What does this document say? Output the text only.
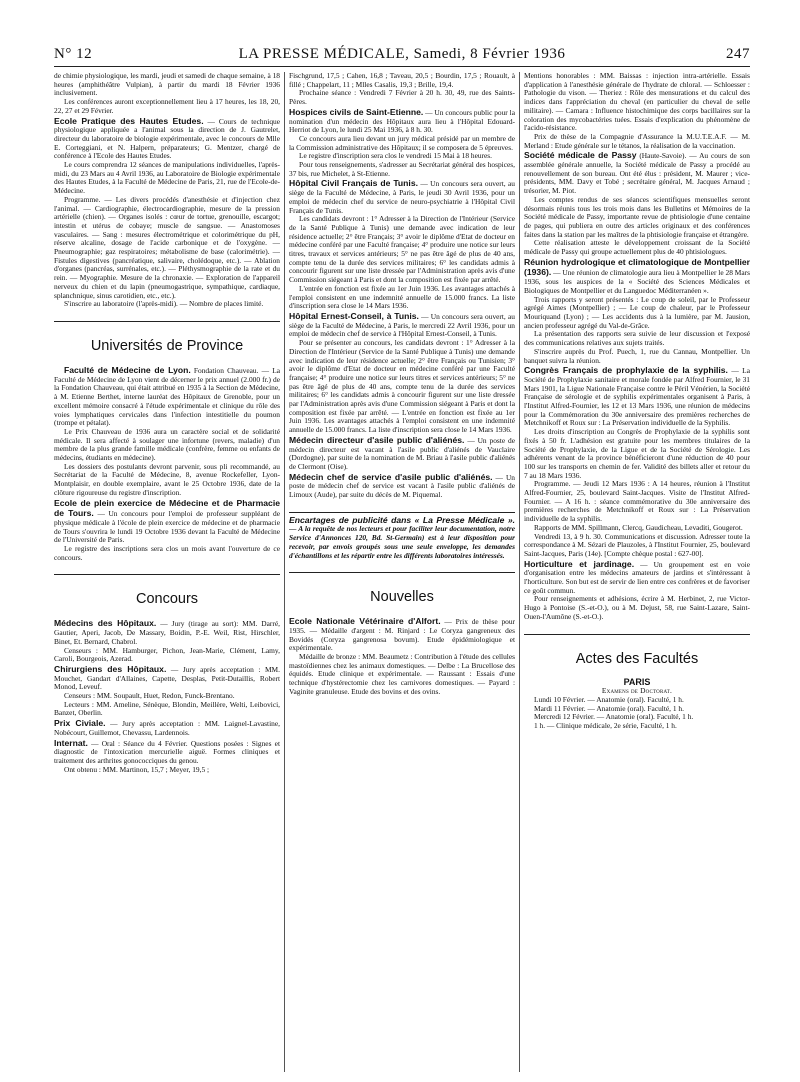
N° 12	LA PRESSE MÉDICALE, Samedi, 8 Février 1936	247

de chimie physiologique, les mardi, jeudi et samedi de chaque semaine, à 18 heures (amphithéâtre Vulpian), à partir du mardi 18 Février 1936 inclusivement.

Les conférences auront exceptionnellement lieu à 17 heures, les 18, 20, 22, 27 et 29 Février.

Ecole Pratique des Hautes Etudes. — Cours de technique physiologique appliquée a l'animal sous la direction de J. Gautrelet, directeur du laboratoire de biologie expérimentale, avec le concours de Mlle E. Corteggiani, et N. Halpern, préparateurs; G. Mentzer, chargé de conférence à l'Ecole des Hautes Etudes.

Le cours comprendra 12 séances de manipulations individuelles, l'après-midi, du 23 Mars au 4 Avril 1936, au Laboratoire de Biologie expérimentale des Hautes Etudes, à la Faculté de Médecine de Paris, 21, rue de l'Ecole-de-Médecine.

Programme. — Les divers procédés d'anesthésie et d'injection chez l'animal. — Cardiographie, électrocardiographie, mesure de la pression artérielle (chien). — Organes isolés : cœur de tortue, grenouille, escargot; intestin et utérus de cobaye; muscle de sangsue. — Anastomoses vasculaires. — Sang : mesures électrométrique et colorimétrique du pH, réserve alcaline, dosage de l'acide carbonique et de l'oxygène. — Pneumographie; gaz respiratoires; métabolisme de base (calorimétrie). — Fistules digestives (pancréatique, salivaire, cholédoque, etc.). — Ablation d'organes (pancréas, surrénales, etc.). — Pléthysmographie de la rate et du rein. — Myographie. Mesure de la chronaxie. — Exploration de l'appareil nerveux du chien et du lapin (pneumogastrique, sympathique, cardiaque, splanchnique, sinus carotidien, etc., etc.).

S'inscrire au laboratoire (l'après-midi). — Nombre de places limité.

Universités de Province

Faculté de Médecine de Lyon. Fondation Chauveau. — La Faculté de Médecine de Lyon vient de décerner le prix annuel (2.000 fr.) de la Fondation Chauveau, qui était attribué en 1935 à la Section de Médecine, à M. Etienne Berthet, interne lauréat des Hôpitaux de Grenoble, pour un excellent mémoire consacré à l'étude expérimentale et clinique du rôle des voies lymphatiques cervicales dans l'infection intestitielle du poumon (trompe et pétalat).

Le Prix Chauveau de 1936 aura un caractère social et de solidarité médicale. Il sera affecté à soulager une infortune (revers, maladie) d'un membre de la plus grande famille médicale (confrère, femme ou enfants de médecins, étudiants en médecine).

Les dossiers des postulants devront parvenir, sous pli recommandé, au Secrétariat de la Faculté de Médecine, 8, avenue Rockefeller, Lyon-Montplaisir, en double exemplaire, avant le 25 Octobre 1936, date de la clôture rigoureuse du registre d'inscription.

Ecole de plein exercice de Médecine et de Pharmacie de Tours. — Un concours pour l'emploi de professeur suppléant de physique médicale à l'école de plein exercice de médecine et de pharmacie de Tours s'ouvrira le lundi 19 Octobre 1936 devant la Faculté de Médecine de l'Université de Paris.

Le registre des inscriptions sera clos un mois avant l'ouverture de ce concours.

Concours

Médecins des Hôpitaux. — Jury (tirage au sort): MM. Darré, Gautier, Aperi, Jacob, De Massary, Boidin, P.-E. Weil, Rist, Hirschler, Binet, Et. Bernard, Chabrol.

Censeurs : MM. Hamburger, Pichon, Jean-Marie, Clément, Lamy, Caroli, Bourgeois, Azerad.

Chirurgiens des Hôpitaux. — Jury après acceptation : MM. Mouchet, Gandart d'Allaines, Capette, Desplas, Petit-Dutaillis, Robert Monod, Leveuf.

Censeurs : MM. Soupault, Huet, Redon, Funck-Brentano.

Lecteurs : MM. Ameline, Sénèque, Blondin, Meillère, Welti, Leibovici, Banzet, Oberlin.

Prix Civiale. — Jury après acceptation : MM. Laignel-Lavastine, Nobécourt, Guillemot, Chevassu, Lardennois.

Internat. — Oral : Séance du 4 Février. Questions posées : Signes et diagnostic de l'intoxication mercurielle aiguë. Formes cliniques et traitement des arthrites gonococciques du genou.

Ont obtenu : MM. Martinon, 15,7 ; Meyer, 19,5 ;

Fischgrund, 17,5 ; Cahen, 16,8 ; Taveau, 20,5 ; Bourdin, 17,5 ; Rouault, à fillé ; Chappelart, 11 ; Mlles Casalis, 19,3 ; Brille, 19,4.

Prochaine séance : Vendredi 7 Février à 20 h. 30, 49, rue des Saints-Pères.

Hospices civils de Saint-Etienne. — Un concours public pour la nomination d'un médecin des Hôpitaux aura lieu à l'Hôpital Edouard-Herriot de Lyon, le lundi 25 Mai 1936, à 8 h. 30.

Ce concours aura lieu devant un jury médical présidé par un membre de la Commission administrative des Hôpitaux; il se composera de 5 épreuves.

Le registre d'inscription sera clos le vendredi 15 Mai à 18 heures.

Pour tous renseignements, s'adresser au Secrétariat général des hospices, 37 bis, rue Michelet, à St-Etienne.

Hôpital Civil Français de Tunis. — Un concours sera ouvert, au siège de la Faculté de Médecine, à Paris, le jeudi 30 Avril 1936, pour un emploi de médecin chef du service de neuro-psychiatrie à l'Hôpital Civil Français de Tunis.

Les candidats devront : 1° Adresser à la Direction de l'Intérieur (Service de la Santé Publique à Tunis) une demande avec indication de leur résidence actuelle; 2° être Français; 3° avoir le diplôme d'Etat de docteur en médecine conféré par une Faculté française; 4° produire une notice sur leurs titres, travaux et services antérieurs; 5° ne pas être âgé de plus de 40 ans, compte tenu de la durée des services militaires; 6° les candidats admis à concourir figurent sur une liste dressée par l'Administration après avis d'une Commission siégeant à Paris et dont la composition est fixée par arrêté.

L'entrée en fonction est fixée au 1er Juin 1936. Les avantages attachés à l'emploi consistent en une indemnité annuelle de 15.000 francs. La liste d'inscription sera close le 14 Mars 1936.

Hôpital Ernest-Conseil, à Tunis. — Un concours sera ouvert, au siège de la Faculté de Médecine, à Paris, le mercredi 22 Avril 1936, pour un emploi de médecin chef de service à l'Hôpital Ernest-Conseil, à Tunis.

Pour se présenter au concours, les candidats devront : 1° Adresser à la Direction de l'Intérieur (Service de la Santé Publique à Tunis) une demande avec indication de leur résidence actuelle; 2° être Français ou Tunisien; 3° avoir le diplôme d'Etat de docteur en médecine conféré par une Faculté française; 4° produire une notice sur leurs titres et services antérieurs; 5° ne pas être âgé de plus de 40 ans, compte tenu de la durée des services militaires; 6° les candidats admis à concourir figurent sur une liste dressée par l'Administration après avis d'une Commission siégeant à Paris et dont la composition est fixée par arrêté. — L'entrée en fonction est fixée au 1er Juin 1936. Les avantages attachés à l'emploi consistent en une indemnité annuelle de 15.000 francs. La liste d'inscription sera close le 14 Mars 1936.

Médecin directeur d'asile public d'aliénés. — Un poste de médecin directeur est vacant à l'asile public d'aliénés de Vauclaire (Dordogne), par suite de la nomination de M. Briau à l'asile public d'aliénés de Clermont (Oise).

Médecin chef de service d'asile public d'aliénés. — Un poste de médecin chef de service est vacant à l'asile public d'aliénés de Limoux (Aude), par suite du décès de M. Piquemal.

Encartages de publicité dans « La Presse Médicale ». — A la requête de nos lecteurs et pour faciliter leur documentation, notre Service d'Annonces 120, Bd. St-Germain) est à leur disposition pour recevoir, par envois groupés sous une seule enveloppe, les demandes d'échantillons et les répartir entre les différents laboratoires intéressés.

Nouvelles

Ecole Nationale Vétérinaire d'Alfort. — Prix de thèse pour 1935. — Médaille d'argent : M. Rinjard : Le Coryza gangreneux des Bovidés (Coryza gangrenosa bovum). Etude épidémiologique et expérimentale.

Médaille de bronze : MM. Beaumetz : Contribution à l'étude des cellules mastoïdiennes chez les animaux domestiques. — Delbe : La Brucellose des équidés. Etude clinique et expérimentale. — Raussant : Essais d'une technique d'hystérectomie chez les carnivores domestiques. — Payard : Vaginite granuleuse. Etude des bovins et des ovins.

Mentions honorables : MM. Baissas : injection intra-artérielle. Essais d'application à l'anesthésie générale de l'hydrate de chloral. — Schloesser : Pathologie du vison. — Theriez : Rôle des mensurations et du calcul des indices dans l'appréciation du cheval (en particulier du cheval de selle militaire). — Camara : Influence histochimique des corps bacillaires sur la coloration des mycobactéries tuées. Essais d'explication du phénomène de l'acido-résistance.

Prix de thèse de la Compagnie d'Assurance la M.U.T.E.A.F. — M. Merland : Etude générale sur le tétanos, la réalisation de la vaccination.

Société médicale de Passy (Haute-Savoie). — Au cours de son assemblée générale annuelle, la Société médicale de Passy a procédé au renouvellement de son bureau. Ont été élus : président, M. Maurer ; vice-présidents, MM. Davy et Tobé ; secrétaire général, M. Jacques Arnaud ; trésorier, M. Piot.

Les comptes rendus de ses séances scientifiques mensuelles seront désormais réunis tous les trois mois dans les Bulletins et Mémoires de la Société médicale de Passy, importante revue de phtisiologie d'une centaine de pages, qui publiera en outre des articles originaux et des conférences faites dans la station par les maîtres de la phtisiologie française et étrangère.

Cette réalisation atteste le développement croissant de la Société médicale de Passy qui groupe actuellement plus de 40 phtisiologues.

Réunion hydrologique et climatologique de Montpellier (1936). — Une réunion de climatologie aura lieu à Montpellier le 28 Mars 1936, sous les auspices de la « Société des Sciences Médicales et Biologiques de Montpellier et du Languedoc Méditerranéen ».

Trois rapports y seront présentés : Le coup de soleil, par le Professeur agrégé Aimes (Montpellier) ; — Le coup de chaleur, par le Professeur Mouriquand (Lyon) ; — Les accidents dus à la lumière, par M. Jausion, ancien professeur agrégé du Val-de-Grâce.

La présentation des rapports sera suivie de leur discussion et l'exposé des communications relatives aux sujets traités.

S'inscrire auprès du Prof. Puech, 1, rue du Cannau, Montpellier. Un banquet suivra la réunion.

Congrès Français de prophylaxie de la syphilis. — La Société de Prophylaxie sanitaire et morale fondée par Alfred Fournier, le 31 Mars 1901, la Ligue Nationale Française contre le Péril Vénérien, la Société Française de sérologie et de syphilis expérimentales organisent à Paris, à l'Institut Alfred-Fournier, les 12 et 13 Mars 1936, une réunion de médecins pour la Commémoration du 30e anniversaire des premières recherches de Metchnikoff et Roux sur : La Préservation individuelle de la Syphilis.

Les droits d'inscription au Congrès de Prophylaxie de la syphilis sont fixés à 50 fr. L'adhésion est gratuite pour les membres titulaires de la Société de Prophylaxie, de la Ligue et de la Société de Sérologie. Les adhérents venant de la province bénéficieront d'une réduction de 40 pour 100 sur les transports en chemin de fer. Validité des billets aller et retour du 7 au 18 Mars 1936.

Programme. — Jeudi 12 Mars 1936 : A 14 heures, réunion à l'Institut Alfred-Fournier, 25, boulevard Saint-Jacques. Visite de l'Institut Alfred-Fournier. — A 16 h. : séance commémorative du 30e anniversaire des premières recherches de Metchnikoff et Roux sur : La Préservation individuelle de la syphilis.

Rapports de MM. Spillmann, Clercq, Gaudicheau, Levaditi, Gougerot.

Vendredi 13, à 9 h. 30. Communications et discussion. Adresser toute la correspondance à M. Sézari de Plauzoles, à l'Institut Fournier, 25, boulevard Saint-Jacques, Paris (14e). [Compte chèque postal : 627-00].

Horticulture et jardinage. — Un groupement est en voie d'organisation entre les médecins amateurs de jardins et s'intéressant à l'horticulture. Son but est de servir de lien entre ces confrères et de favoriser ce goût commun.

Pour renseignements et adhésions, écrire à M. Herbinet, 2, rue Victor-Hugo à Pontoise (S.-et-O.), ou à M. Dejust, 58, rue Saint-Lazare, Saint-Ouen-l'Aumône (S.-et-O.).

Actes des Facultés
PARIS

Examens de Doctorat.

Lundi 10 Février. — Anatomie (oral). Faculté, 1 h.

Mardi 11 Février. — Anatomie (oral). Faculté, 1 h.

Mercredi 12 Février. — Anatomie (oral). Faculté, 1 h.

1 h. — Clinique médicale, 2e série, Faculté, 1 h.
